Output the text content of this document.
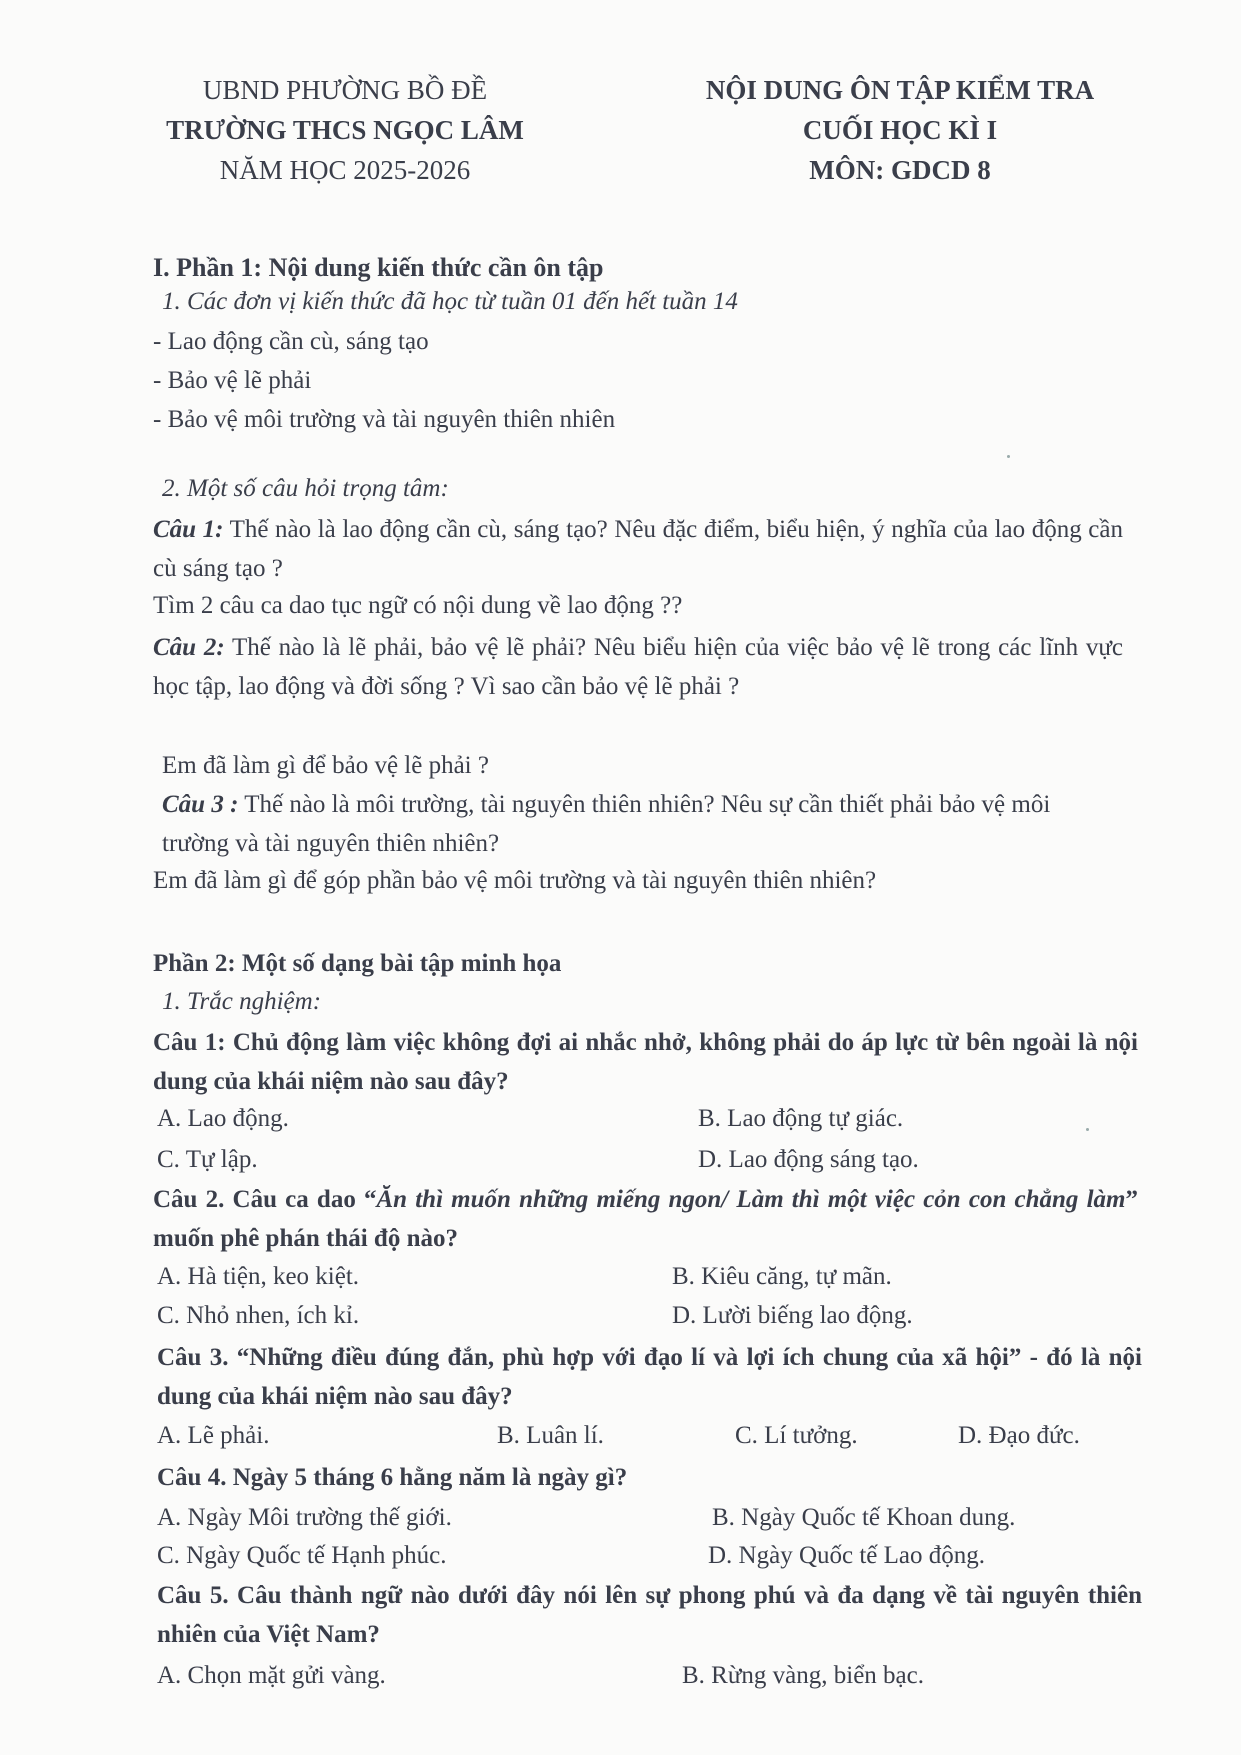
UBND PHƯỜNG BỒ ĐỀ
TRƯỜNG THCS NGỌC LÂM
NĂM HỌC 2025-2026
NỘI DUNG ÔN TẬP KIỂM TRA
CUỐI HỌC KÌ I
MÔN: GDCD 8
I. Phần 1: Nội dung kiến thức cần ôn tập
1. Các đơn vị kiến thức đã học từ tuần 01 đến hết tuần 14
- Lao động cần cù, sáng tạo
- Bảo vệ lẽ phải
- Bảo vệ môi trường và tài nguyên thiên nhiên
2. Một số câu hỏi trọng tâm:
Câu 1: Thế nào là lao động cần cù, sáng tạo? Nêu đặc điểm, biểu hiện, ý nghĩa của lao động cần cù sáng tạo ?
Tìm 2 câu ca dao tục ngữ có nội dung về lao động ??
Câu 2: Thế nào là lẽ phải, bảo vệ lẽ phải? Nêu biểu hiện của việc bảo vệ lẽ trong các lĩnh vực học tập, lao động và đời sống ? Vì sao cần bảo vệ lẽ phải ?
Em đã làm gì để bảo vệ lẽ phải ?
Câu 3 : Thế nào là môi trường, tài nguyên thiên nhiên? Nêu sự cần thiết phải bảo vệ môi trường và tài nguyên thiên nhiên?
Em đã làm gì để góp phần bảo vệ môi trường và tài nguyên thiên nhiên?
Phần 2: Một số dạng bài tập minh họa
1. Trắc nghiệm:
Câu 1: Chủ động làm việc không đợi ai nhắc nhở, không phải do áp lực từ bên ngoài là nội dung của khái niệm nào sau đây?
A. Lao động.	B. Lao động tự giác.
C. Tự lập.	D. Lao động sáng tạo.
Câu 2. Câu ca dao “Ăn thì muốn những miếng ngon/ Làm thì một việc cỏn con chẳng làm” muốn phê phán thái độ nào?
A. Hà tiện, keo kiệt.	B. Kiêu căng, tự mãn.
C. Nhỏ nhen, ích kỉ.	D. Lười biếng lao động.
Câu 3. “Những điều đúng đắn, phù hợp với đạo lí và lợi ích chung của xã hội” - đó là nội dung của khái niệm nào sau đây?
A. Lẽ phải.	B. Luân lí.	C. Lí tưởng.	D. Đạo đức.
Câu 4. Ngày 5 tháng 6 hằng năm là ngày gì?
A. Ngày Môi trường thế giới.	B. Ngày Quốc tế Khoan dung.
C. Ngày Quốc tế Hạnh phúc.	D. Ngày Quốc tế Lao động.
Câu 5. Câu thành ngữ nào dưới đây nói lên sự phong phú và đa dạng về tài nguyên thiên nhiên của Việt Nam?
A. Chọn mặt gửi vàng.	B. Rừng vàng, biển bạc.
